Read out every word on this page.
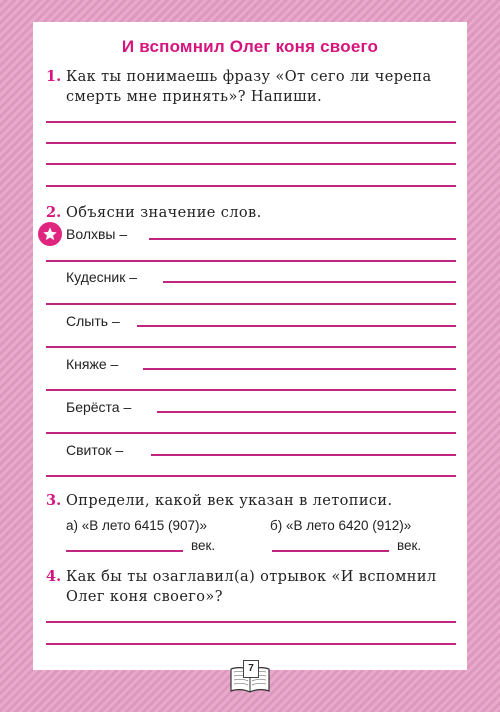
И вспомнил Олег коня своего
1. Как ты понимаешь фразу «От сего ли черепа
смерть мне принять»? Напиши.
2. Объясни значение слов.
Волхвы –
Кудесник –
Слыть –
Княже –
Берёста –
Свиток –
3. Определи, какой век указан в летописи.
а) «В лето 6415 (907)»	б) «В лето 6420 (912)»
век.	век.
4. Как бы ты озаглавил(а) отрывок «И вспомнил
Олег коня своего»?
7
